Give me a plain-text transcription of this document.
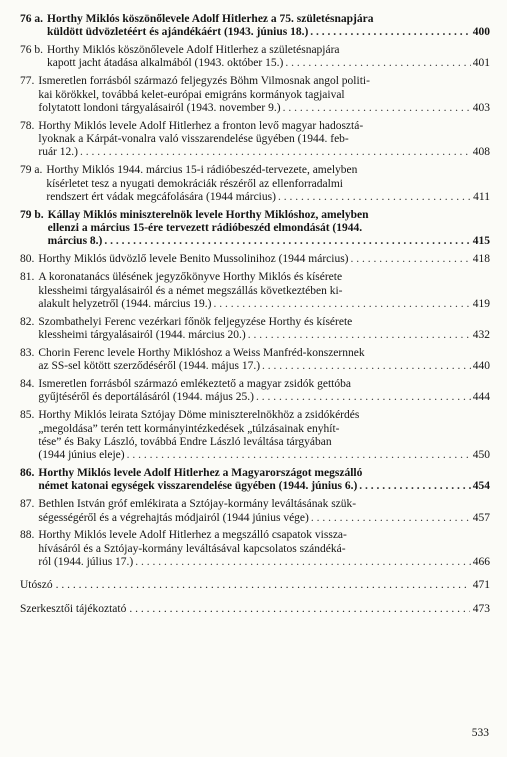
76 a. Horthy Miklós köszönőlevele Adolf Hitlerhez a 75. születésnapjára
küldött üdvözletéért és ajándékáért (1943. június 18.) . . .	400
76 b. Horthy Miklós köszönőlevele Adolf Hitlerhez a születésnapjára
kapott jacht átadása alkalmából (1943. október 15.) . . .	401
77. Ismeretlen forrásból származó feljegyzés Böhm Vilmosnak angol politi-
kai körökkel, továbbá kelet-európai emigráns kormányok tagjaival
folytatott londoni tárgyalásairól (1943. november 9.) . . .	403
78. Horthy Miklós levele Adolf Hitlerhez a fronton levő magyar hadosztá-
lyoknak a Kárpát-vonalra való visszarendelése ügyében (1944. feb-
ruár 12.) . . .	408
79 a. Horthy Miklós 1944. március 15-i rádióbeszéd-tervezete, amelyben
kísérletet tesz a nyugati demokráciák részéről az ellenforradalmi
rendszert ért vádak megcáfolására (1944 március) . . .	411
79 b. Kállay Miklós miniszterelnök levele Horthy Miklóshoz, amelyben
ellenzi a március 15-ére tervezett rádióbeszéd elmondását (1944.
március 8.) . . .	415
80. Horthy Miklós üdvözlő levele Benito Mussolinihoz (1944 március) . . .	418
81. A koronatanács ülésének jegyzőkönyve Horthy Miklós és kísérete
klessheimi tárgyalásairól és a német megszállás következtében ki-
alakult helyzetről (1944. március 19.) . . .	419
82. Szombathelyi Ferenc vezérkari főnök feljegyzése Horthy és kísérete
klessheimi tárgyalásairól (1944. március 20.) . . .	432
83. Chorin Ferenc levele Horthy Miklóshoz a Weiss Manfréd-konszernnek
az SS-sel kötött szerződéséről (1944. május 17.) . . .	440
84. Ismeretlen forrásból származó emlékeztető a magyar zsidók gettóba
gyűjtéséről és deportálásáról (1944. május 25.) . . .	444
85. Horthy Miklós leirata Sztójay Döme miniszterelnökhöz a zsidókérdés
„megoldása” terén tett kormányintézkedések „túlzásainak enyhít-
tése” és Baky László, továbbá Endre László leváltása tárgyában
(1944 június eleje) . . .	450
86. Horthy Miklós levele Adolf Hitlerhez a Magyarországot megszálló
német katonai egységek visszarendelése ügyében (1944. június 6.) . . .	454
87. Bethlen István gróf emlékirata a Sztójay-kormány leváltásának szük-
ségességéről és a végrehajtás módjairól (1944 június vége) . . .	457
88. Horthy Miklós levele Adolf Hitlerhez a megszálló csapatok vissza-
hívásáról és a Sztójay-kormány leváltásával kapcsolatos szándéká-
ról (1944. július 17.) . . .	466
Utószó . . .	471
Szerkesztői tájékoztató . . .	473
533
